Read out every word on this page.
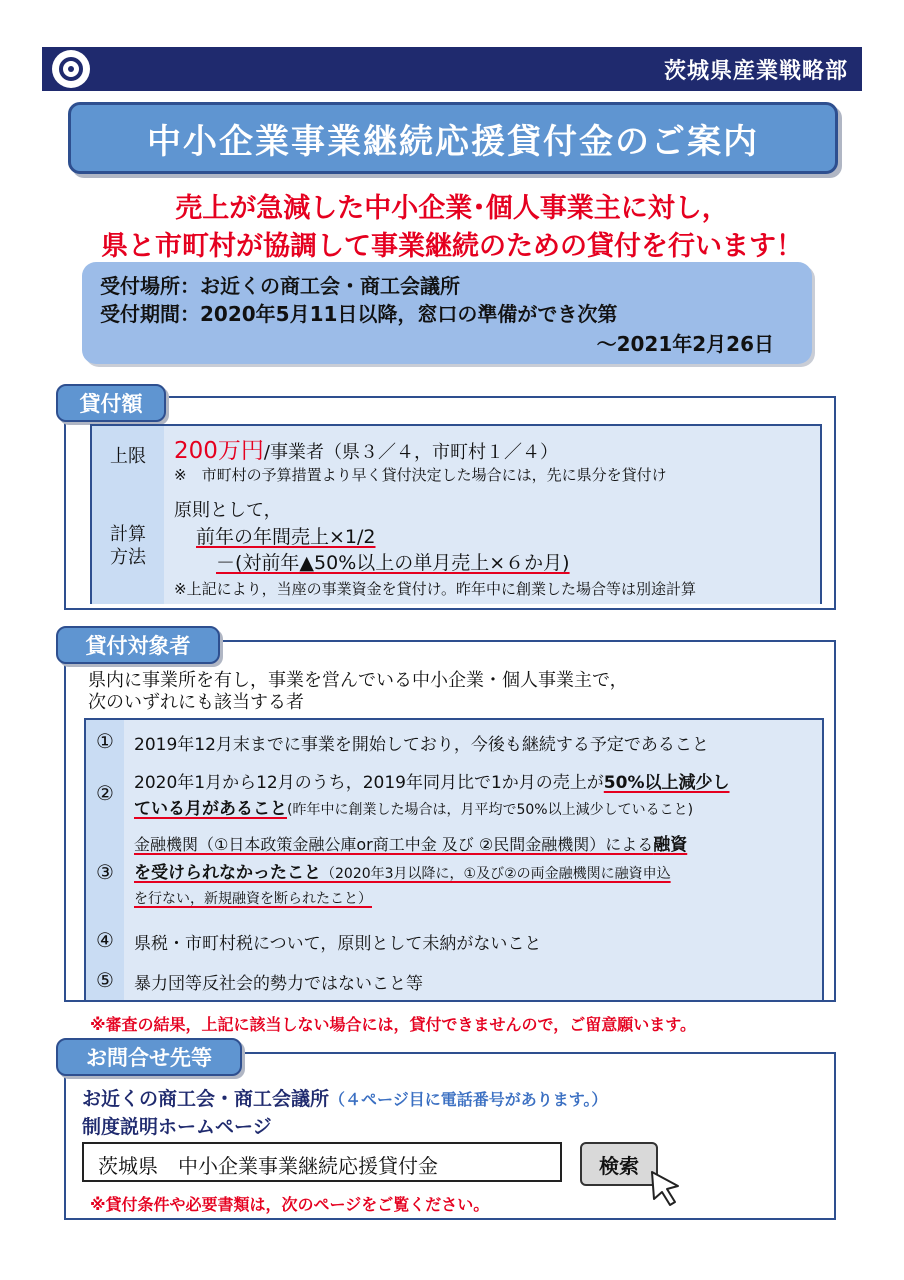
茨城県産業戦略部
中小企業事業継続応援貸付金のご案内
売上が急減した中小企業･個人事業主に対し，
県と市町村が協調して事業継続のための貸付を行います！
受付場所：お近くの商工会・商工会議所
受付期間：2020年5月11日以降，窓口の準備ができ次第
～2021年2月26日
貸付額
上限	200万円/事業者（県３／４，市町村１／４）
※　市町村の予算措置より早く貸付決定した場合には，先に県分を貸付け
計算
方法
原則として，
前年の年間売上×1/2
－(対前年▲50%以上の単月売上×６か月)
※上記により，当座の事業資金を貸付け。昨年中に創業した場合等は別途計算
貸付対象者
県内に事業所を有し，事業を営んでいる中小企業・個人事業主で，
次のいずれにも該当する者
①	2019年12月末までに事業を開始しており，今後も継続する予定であること
②	2020年1月から12月のうち，2019年同月比で1か月の売上が50%以上減少し
ている月があること(昨年中に創業した場合は，月平均で50%以上減少していること)
③
金融機関（①日本政策金融公庫or商工中金 及び ②民間金融機関）による融資
を受けられなかったこと（2020年3月以降に，①及び②の両金融機関に融資申込
を行ない，新規融資を断られたこと）
④	県税・市町村税について，原則として未納がないこと
⑤	暴力団等反社会的勢力ではないこと等
※審査の結果，上記に該当しない場合には，貸付できませんので，ご留意願います。
お問合せ先等
お近くの商工会・商工会議所（４ページ目に電話番号があります。）
制度説明ホームページ
茨城県　中小企業事業継続応援貸付金	検索
※貸付条件や必要書類は，次のページをご覧ください。
